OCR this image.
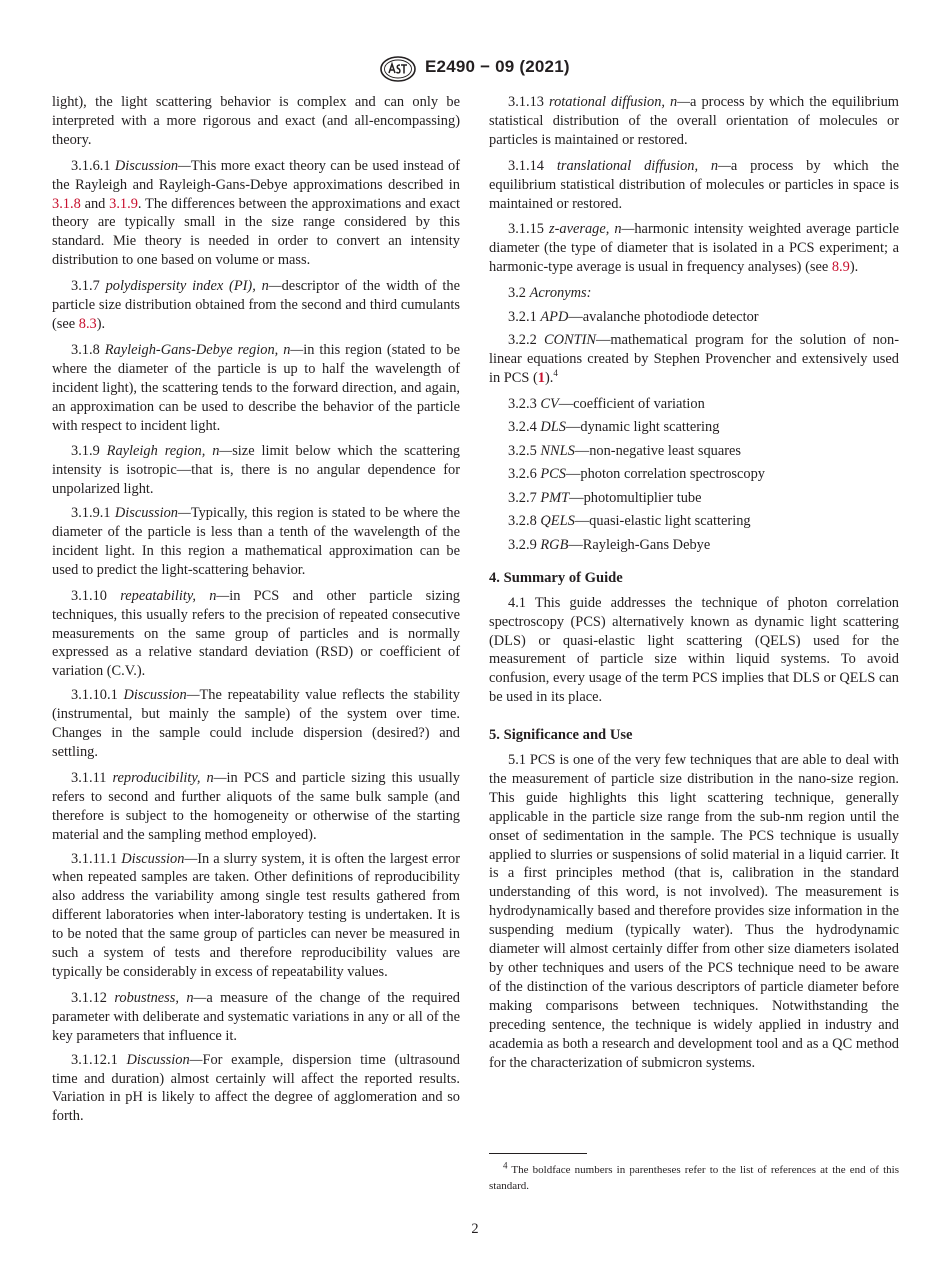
E2490 − 09 (2021)

light), the light scattering behavior is complex and can only be interpreted with a more rigorous and exact (and all-encompassing) theory.

3.1.6.1 Discussion—This more exact theory can be used instead of the Rayleigh and Rayleigh-Gans-Debye approximations described in 3.1.8 and 3.1.9. The differences between the approximations and exact theory are typically small in the size range considered by this standard. Mie theory is needed in order to convert an intensity distribution to one based on volume or mass.

3.1.7 polydispersity index (PI), n—descriptor of the width of the particle size distribution obtained from the second and third cumulants (see 8.3).

3.1.8 Rayleigh-Gans-Debye region, n—in this region (stated to be where the diameter of the particle is up to half the wavelength of incident light), the scattering tends to the forward direction, and again, an approximation can be used to describe the behavior of the particle with respect to incident light.

3.1.9 Rayleigh region, n—size limit below which the scattering intensity is isotropic—that is, there is no angular dependence for unpolarized light.

3.1.9.1 Discussion—Typically, this region is stated to be where the diameter of the particle is less than a tenth of the wavelength of the incident light. In this region a mathematical approximation can be used to predict the light-scattering behavior.

3.1.10 repeatability, n—in PCS and other particle sizing techniques, this usually refers to the precision of repeated consecutive measurements on the same group of particles and is normally expressed as a relative standard deviation (RSD) or coefficient of variation (C.V.).

3.1.10.1 Discussion—The repeatability value reflects the stability (instrumental, but mainly the sample) of the system over time. Changes in the sample could include dispersion (desired?) and settling.

3.1.11 reproducibility, n—in PCS and particle sizing this usually refers to second and further aliquots of the same bulk sample (and therefore is subject to the homogeneity or otherwise of the starting material and the sampling method employed).

3.1.11.1 Discussion—In a slurry system, it is often the largest error when repeated samples are taken. Other definitions of reproducibility also address the variability among single test results gathered from different laboratories when inter-laboratory testing is undertaken. It is to be noted that the same group of particles can never be measured in such a system of tests and therefore reproducibility values are typically be considerably in excess of repeatability values.

3.1.12 robustness, n—a measure of the change of the required parameter with deliberate and systematic variations in any or all of the key parameters that influence it.

3.1.12.1 Discussion—For example, dispersion time (ultrasound time and duration) almost certainly will affect the reported results. Variation in pH is likely to affect the degree of agglomeration and so forth.

3.1.13 rotational diffusion, n—a process by which the equilibrium statistical distribution of the overall orientation of molecules or particles is maintained or restored.

3.1.14 translational diffusion, n—a process by which the equilibrium statistical distribution of molecules or particles in space is maintained or restored.

3.1.15 z-average, n—harmonic intensity weighted average particle diameter (the type of diameter that is isolated in a PCS experiment; a harmonic-type average is usual in frequency analyses) (see 8.9).

3.2 Acronyms:

3.2.1 APD—avalanche photodiode detector

3.2.2 CONTIN—mathematical program for the solution of non-linear equations created by Stephen Provencher and extensively used in PCS (1).$^4$

3.2.3 CV—coefficient of variation

3.2.4 DLS—dynamic light scattering

3.2.5 NNLS—non-negative least squares

3.2.6 PCS—photon correlation spectroscopy

3.2.7 PMT—photomultiplier tube

3.2.8 QELS—quasi-elastic light scattering

3.2.9 RGB—Rayleigh-Gans Debye

4. Summary of Guide

4.1 This guide addresses the technique of photon correlation spectroscopy (PCS) alternatively known as dynamic light scattering (DLS) or quasi-elastic light scattering (QELS) used for the measurement of particle size within liquid systems. To avoid confusion, every usage of the term PCS implies that DLS or QELS can be used in its place.

5. Significance and Use

5.1 PCS is one of the very few techniques that are able to deal with the measurement of particle size distribution in the nano-size region. This guide highlights this light scattering technique, generally applicable in the particle size range from the sub-nm region until the onset of sedimentation in the sample. The PCS technique is usually applied to slurries or suspensions of solid material in a liquid carrier. It is a first principles method (that is, calibration in the standard understanding of this word, is not involved). The measurement is hydrodynamically based and therefore provides size information in the suspending medium (typically water). Thus the hydrodynamic diameter will almost certainly differ from other size diameters isolated by other techniques and users of the PCS technique need to be aware of the distinction of the various descriptors of particle diameter before making comparisons between techniques. Notwithstanding the preceding sentence, the technique is widely applied in industry and academia as both a research and development tool and as a QC method for the characterization of submicron systems.

$^4$ The boldface numbers in parentheses refer to the list of references at the end of this standard.
2
